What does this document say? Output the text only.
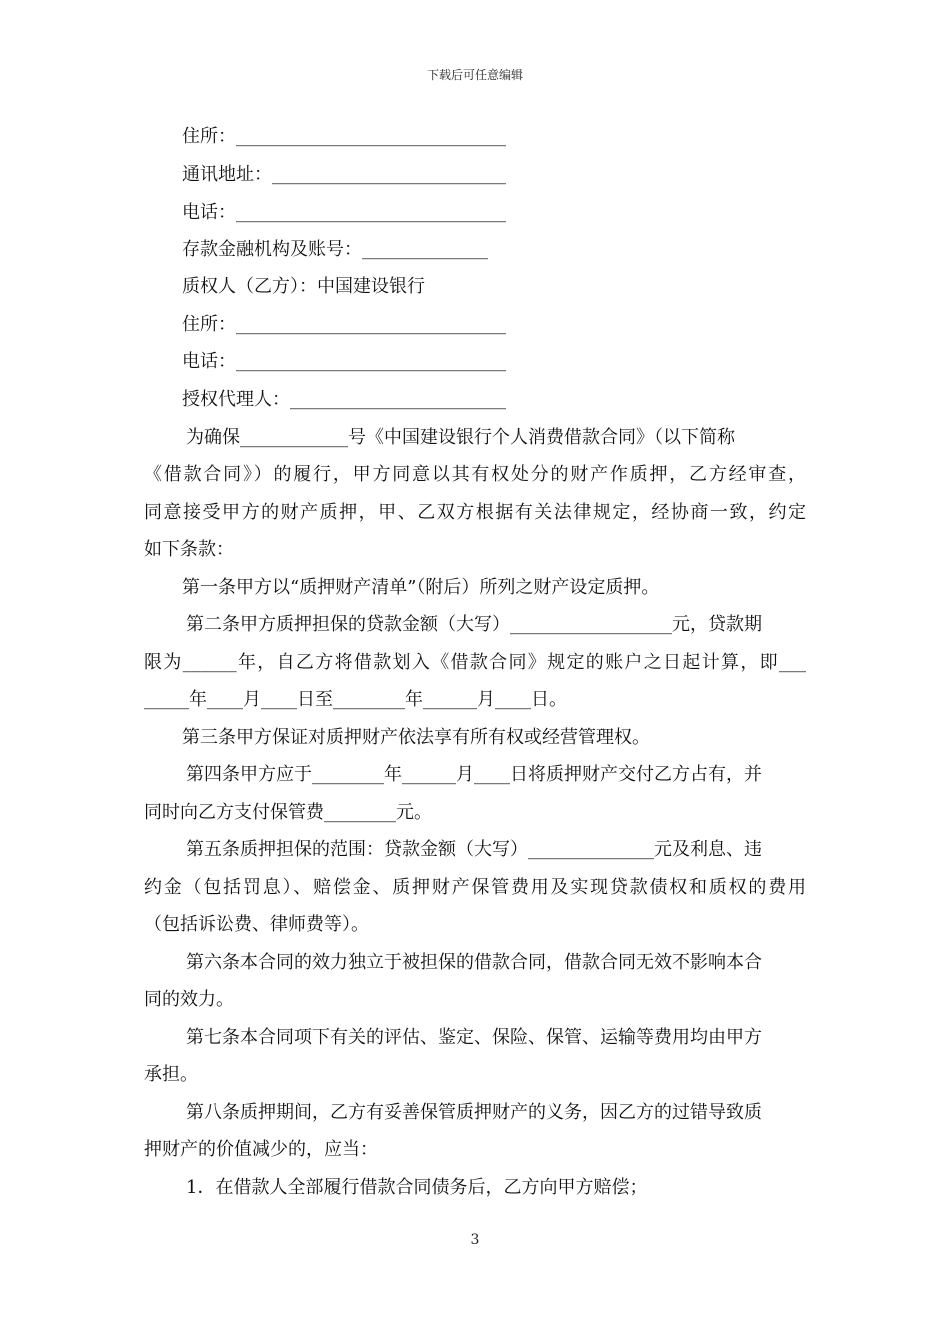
下载后可任意编辑
住所：______________________________
通讯地址：__________________________
电话：______________________________
存款金融机构及账号：______________
质权人（乙方）：中国建设银行
住所：______________________________
电话：______________________________
授权代理人：________________________
为确保____________号《中国建设银行个人消费借款合同》（以下简称
《借款合同》）的履行，甲方同意以其有权处分的财产作质押，乙方经审查，
同意接受甲方的财产质押，甲、乙双方根据有关法律规定，经协商一致，约定
如下条款：
第一条甲方以“质押财产清单”（附后）所列之财产设定质押。
第二条甲方质押担保的贷款金额（大写）__________________元，贷款期
限为______年，自乙方将借款划入《借款合同》规定的账户之日起计算，即___
_____年____月____日至________年______月____日。
第三条甲方保证对质押财产依法享有所有权或经营管理权。
第四条甲方应于________年______月____日将质押财产交付乙方占有，并
同时向乙方支付保管费________元。
第五条质押担保的范围：贷款金额（大写）______________元及利息、违
约金（包括罚息）、赔偿金、质押财产保管费用及实现贷款债权和质权的费用
（包括诉讼费、律师费等）。
第六条本合同的效力独立于被担保的借款合同，借款合同无效不影响本合
同的效力。
第七条本合同项下有关的评估、鉴定、保险、保管、运输等费用均由甲方
承担。
第八条质押期间，乙方有妥善保管质押财产的义务，因乙方的过错导致质
押财产的价值减少的，应当：
1．在借款人全部履行借款合同债务后，乙方向甲方赔偿；
3
